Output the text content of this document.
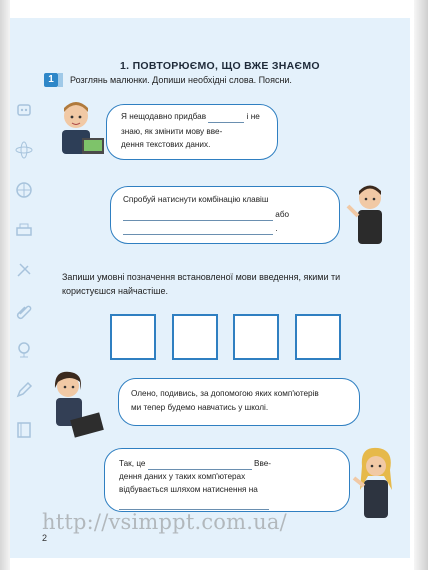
1. ПОВТОРЮЄМО, ЩО ВЖЕ ЗНАЄМО
1	Розглянь малюнки. Допиши необхідні слова. Поясни.
Я нещодавно придбав	і не
знаю, як змінити мову вве-
дення текстових даних.
Спробуй натиснути комбінацію клавіш
або
.
Запиши умовні позначення встановленої мови введення, якими ти користуєшся найчастіше.
Олено, подивись, за допомогою яких комп'ютерів
ми тепер будемо навчатись у школі.
Так, це	Вве-
дення даних у таких комп'ютерах
відбувається шляхом натиснення на
http://vsimppt.com.ua/
2
